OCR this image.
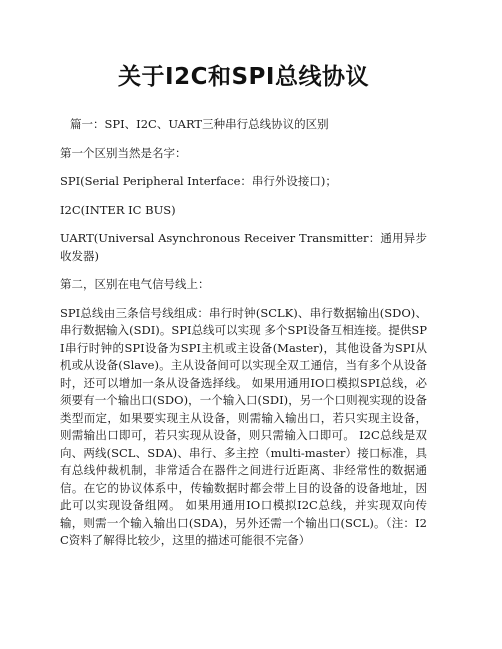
关于I2C和SPI总线协议

篇一：SPI、I2C、UART三种串行总线协议的区别

第一个区别当然是名字：

SPI(Serial Peripheral Interface：串行外设接口)；

I2C(INTER IC BUS)

UART(Universal Asynchronous Receiver Transmitter：通用异步收发器)

第二，区别在电气信号线上：

SPI总线由三条信号线组成：串行时钟(SCLK)、串行数据输出(SDO)、串行数据输入(SDI)。SPI总线可以实现 多个SPI设备互相连接。提供SPI串行时钟的SPI设备为SPI主机或主设备(Master)，其他设备为SPI从机或从设备(Slave)。主从设备间可以实现全双工通信，当有多个从设备时，还可以增加一条从设备选择线。 如果用通用IO口模拟SPI总线，必须要有一个输出口(SDO)，一个输入口(SDI)，另一个口则视实现的设备类型而定，如果要实现主从设备，则需输入输出口，若只实现主设备，则需输出口即可，若只实现从设备，则只需输入口即可。 I2C总线是双向、两线(SCL、SDA)、串行、多主控（multi-master）接口标准，具有总线仲裁机制，非常适合在器件之间进行近距离、非经常性的数据通信。在它的协议体系中，传输数据时都会带上目的设备的设备地址，因此可以实现设备组网。 如果用通用IO口模拟I2C总线，并实现双向传输，则需一个输入输出口(SDA)，另外还需一个输出口(SCL)。（注：I2C资料了解得比较少，这里的描述可能很不完备）
